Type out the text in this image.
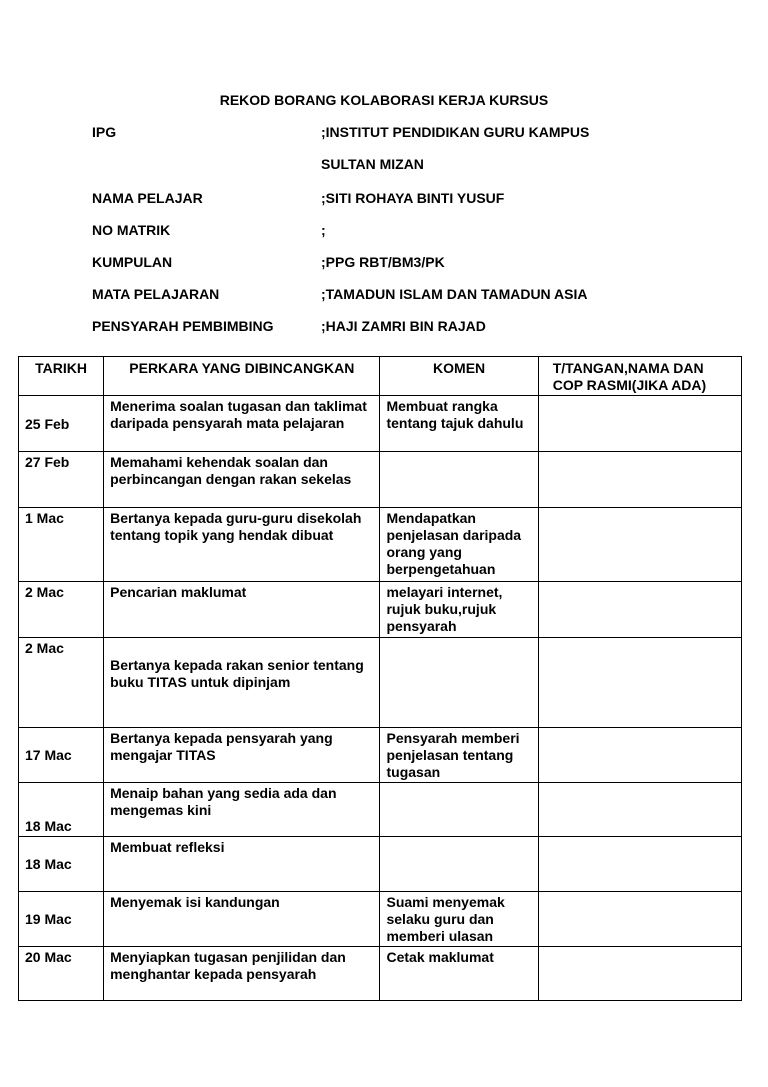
REKOD BORANG KOLABORASI KERJA KURSUS
IPG	;INSTITUT PENDIDIKAN GURU KAMPUS
SULTAN MIZAN
NAMA PELAJAR	;SITI ROHAYA BINTI YUSUF
NO MATRIK	;
KUMPULAN	;PPG RBT/BM3/PK
MATA PELAJARAN	;TAMADUN ISLAM DAN TAMADUN ASIA
PENSYARAH PEMBIMBING	;HAJI ZAMRI BIN RAJAD
TARIKH	PERKARA YANG DIBINCANGKAN	KOMEN	T/TANGAN,NAMA DAN COP RASMI(JIKA ADA)
25 Feb	Menerima soalan tugasan dan taklimat daripada pensyarah mata pelajaran	Membuat rangka tentang tajuk dahulu	
27 Feb	Memahami kehendak soalan dan perbincangan dengan rakan sekelas		
1 Mac	Bertanya kepada guru-guru disekolah tentang topik yang hendak dibuat	Mendapatkan penjelasan daripada orang yang berpengetahuan	
2 Mac	Pencarian maklumat	melayari internet, rujuk buku,rujuk pensyarah	
2 Mac	Bertanya kepada rakan senior tentang buku TITAS untuk dipinjam		
17 Mac	Bertanya kepada pensyarah yang mengajar TITAS	Pensyarah memberi penjelasan tentang tugasan	
18 Mac	Menaip bahan yang sedia ada dan mengemas kini		
18 Mac	Membuat refleksi		
19 Mac	Menyemak isi kandungan	Suami menyemak selaku guru dan memberi ulasan	
20 Mac	Menyiapkan tugasan penjilidan dan menghantar kepada pensyarah	Cetak maklumat	
